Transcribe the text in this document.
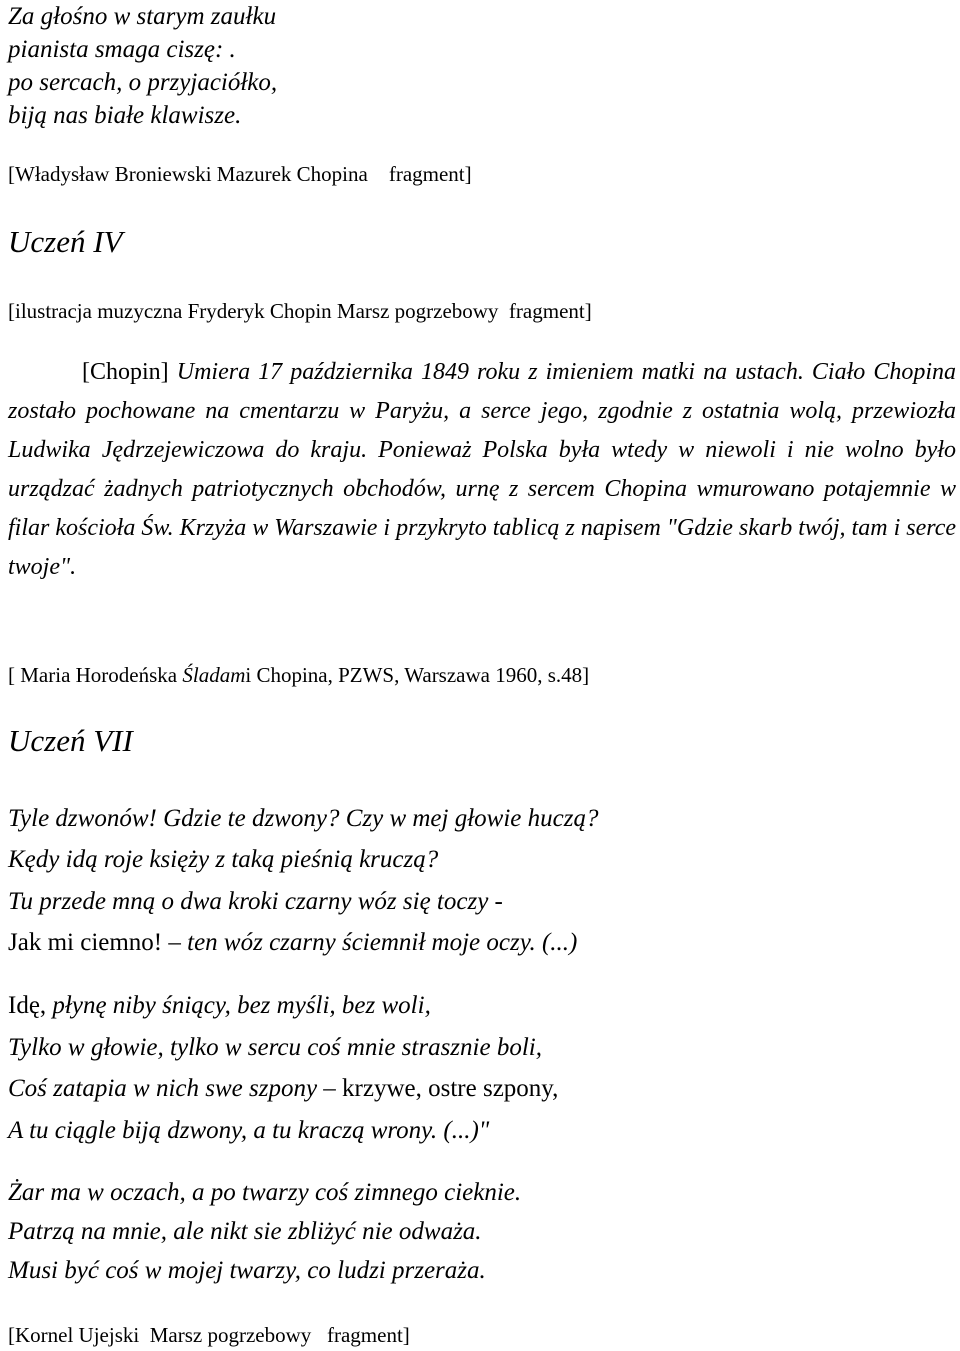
Za głośno w starym zaułku
pianista smaga ciszę: .
po sercach, o przyjaciółko,
biją nas białe klawisze.
[Władysław Broniewski Mazurek Chopina    fragment]
Uczeń IV
[ilustracja muzyczna Fryderyk Chopin Marsz pogrzebowy  fragment]

[Chopin] Umiera 17 października 1849 roku z imieniem matki na ustach. Ciało Chopina zostało pochowane na cmentarzu w Paryżu, a serce jego, zgodnie z ostatnia wolą, przewiozła Ludwika Jędrzejewiczowa do kraju. Ponieważ Polska była wtedy w niewoli i nie wolno było urządzać żadnych patriotycznych obchodów, urnę z sercem Chopina wmurowano potajemnie w filar kościoła Św. Krzyża w Warszawie i przykryto tablicą z napisem "Gdzie skarb twój, tam i serce twoje".

[ Maria Horodeńska Śladami Chopina, PZWS, Warszawa 1960, s.48]
Uczeń VII
Tyle dzwonów! Gdzie te dzwony? Czy w mej głowie huczą?
Kędy idą roje księży z taką pieśnią kruczą?
Tu przede mną o dwa kroki czarny wóz się toczy -
Jak mi ciemno! – ten wóz czarny ściemnił moje oczy. (...)
Idę, płynę niby śniący, bez myśli, bez woli,
Tylko w głowie, tylko w sercu coś mnie strasznie boli,
Coś zatapia w nich swe szpony – krzywe, ostre szpony,
A tu ciągle biją dzwony, a tu kraczą wrony. (...)"
Żar ma w oczach, a po twarzy coś zimnego cieknie.
Patrzą na mnie, ale nikt sie zbliżyć nie odważa.
Musi być coś w mojej twarzy, co ludzi przeraża.
[Kornel Ujejski  Marsz pogrzebowy   fragment]
